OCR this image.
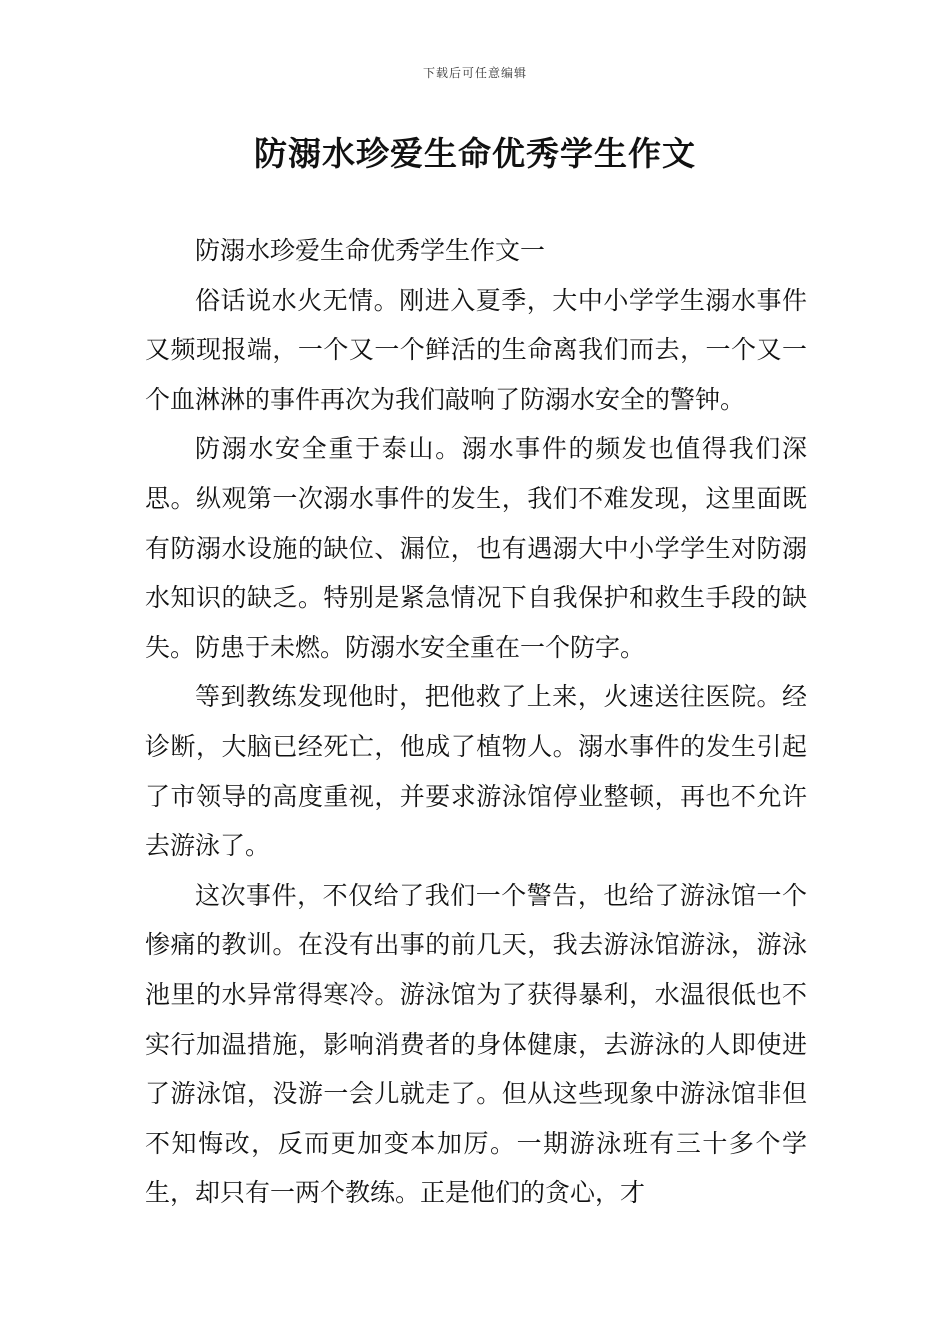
下载后可任意编辑
防溺水珍爱生命优秀学生作文

防溺水珍爱生命优秀学生作文一

俗话说水火无情。刚进入夏季，大中小学学生溺水事件又频现报端，一个又一个鲜活的生命离我们而去，一个又一个血淋淋的事件再次为我们敲响了防溺水安全的警钟。

防溺水安全重于泰山。溺水事件的频发也值得我们深思。纵观第一次溺水事件的发生，我们不难发现，这里面既有防溺水设施的缺位、漏位，也有遇溺大中小学学生对防溺水知识的缺乏。特别是紧急情况下自我保护和救生手段的缺失。防患于未燃。防溺水安全重在一个防字。

等到教练发现他时，把他救了上来，火速送往医院。经诊断，大脑已经死亡，他成了植物人。溺水事件的发生引起了市领导的高度重视，并要求游泳馆停业整顿，再也不允许去游泳了。

这次事件，不仅给了我们一个警告，也给了游泳馆一个惨痛的教训。在没有出事的前几天，我去游泳馆游泳，游泳池里的水异常得寒冷。游泳馆为了获得暴利，水温很低也不实行加温措施，影响消费者的身体健康，去游泳的人即使进了游泳馆，没游一会儿就走了。但从这些现象中游泳馆非但不知悔改，反而更加变本加厉。一期游泳班有三十多个学生，却只有一两个教练。正是他们的贪心，才
